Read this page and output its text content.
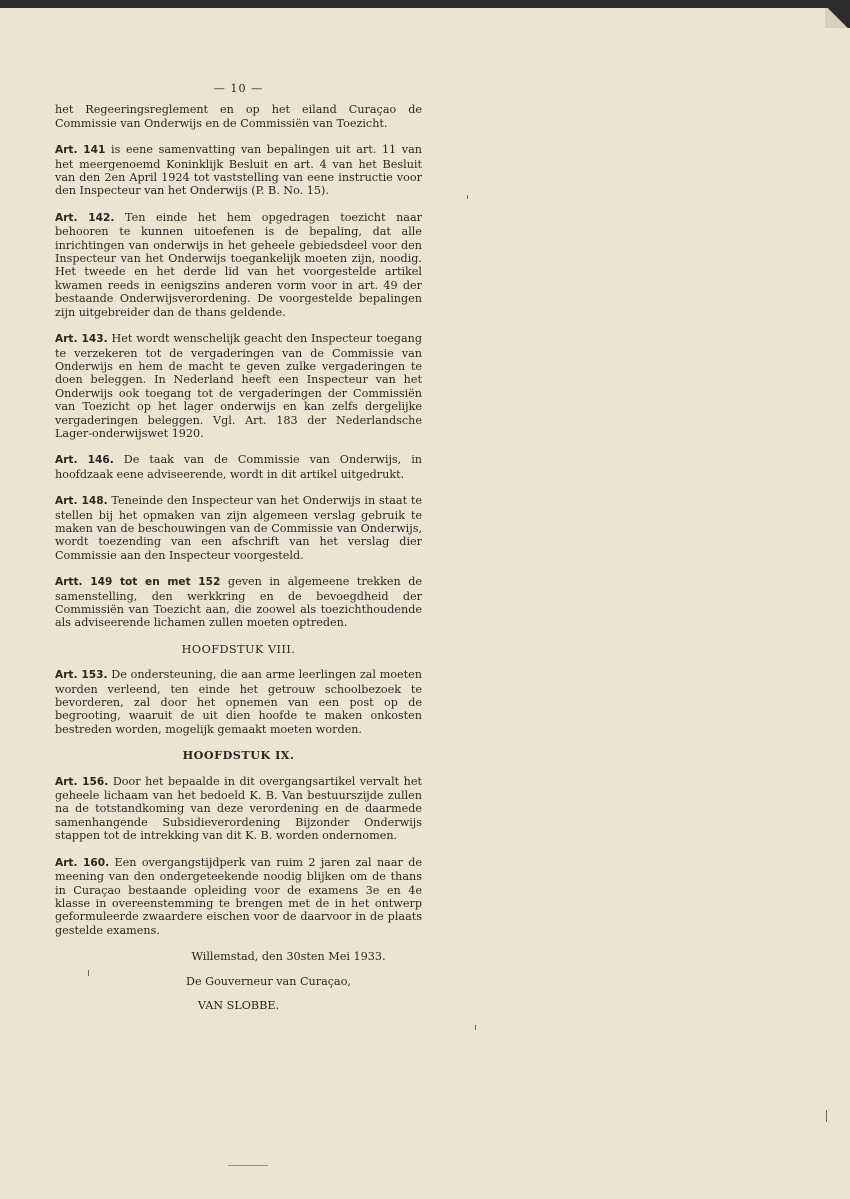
— 10 —

het Regeeringsreglement en op het eiland Curaçao de Commissie van Onderwijs en de Commissiën van Toezicht.

Art. 141 is eene samenvatting van bepalingen uit art. 11 van het meergenoemd Koninklijk Besluit en art. 4 van het Besluit van den 2en April 1924 tot vaststelling van eene instructie voor den Inspecteur van het Onderwijs (P. B. No. 15).

Art. 142. Ten einde het hem opgedragen toezicht naar behooren te kunnen uitoefenen is de bepaling, dat alle inrichtingen van onderwijs in het geheele gebiedsdeel voor den Inspecteur van het Onderwijs toegankelijk moeten zijn, noodig. Het tweede en het derde lid van het voorgestelde artikel kwamen reeds in eenigszins anderen vorm voor in art. 49 der bestaande Onderwijsverordening. De voorgestelde bepalingen zijn uitgebreider dan de thans geldende.

Art. 143. Het wordt wenschelijk geacht den Inspecteur toegang te verzekeren tot de vergaderingen van de Commissie van Onderwijs en hem de macht te geven zulke vergaderingen te doen beleggen. In Nederland heeft een Inspecteur van het Onderwijs ook toegang tot de vergaderingen der Commissiën van Toezicht op het lager onderwijs en kan zelfs dergelijke vergaderingen beleggen. Vgl. Art. 183 der Nederlandsche Lager-onderwijswet 1920.

Art. 146. De taak van de Commissie van Onderwijs, in hoofdzaak eene adviseerende, wordt in dit artikel uitgedrukt.

Art. 148. Teneinde den Inspecteur van het Onderwijs in staat te stellen bij het opmaken van zijn algemeen verslag gebruik te maken van de beschouwingen van de Commissie van Onderwijs, wordt toezending van een afschrift van het verslag dier Commissie aan den Inspecteur voorgesteld.

Artt. 149 tot en met 152 geven in algemeene trekken de samenstelling, den werkkring en de bevoegdheid der Commissiën van Toezicht aan, die zoowel als toezichthoudende als adviseerende lichamen zullen moeten optreden.

HOOFDSTUK VIII.

Art. 153. De ondersteuning, die aan arme leerlingen zal moeten worden verleend, ten einde het getrouw schoolbezoek te bevorderen, zal door het opnemen van een post op de begrooting, waaruit de uit dien hoofde te maken onkosten bestreden worden, mogelijk gemaakt moeten worden.

HOOFDSTUK IX.

Art. 156. Door het bepaalde in dit overgangsartikel vervalt het geheele lichaam van het bedoeld K. B. Van bestuurszijde zullen na de totstandkoming van deze verordening en de daarmede samenhangende Subsidieverordening Bijzonder Onderwijs stappen tot de intrekking van dit K. B. worden ondernomen.

Art. 160. Een overgangstijdperk van ruim 2 jaren zal naar de meening van den ondergeteekende noodig blijken om de thans in Curaçao bestaande opleiding voor de examens 3e en 4e klasse in overeenstemming te brengen met de in het ontwerp geformuleerde zwaardere eischen voor de daarvoor in de plaats gestelde examens.

Willemstad, den 30sten Mei 1933.
De Gouverneur van Curaçao,
VAN SLOBBE.
